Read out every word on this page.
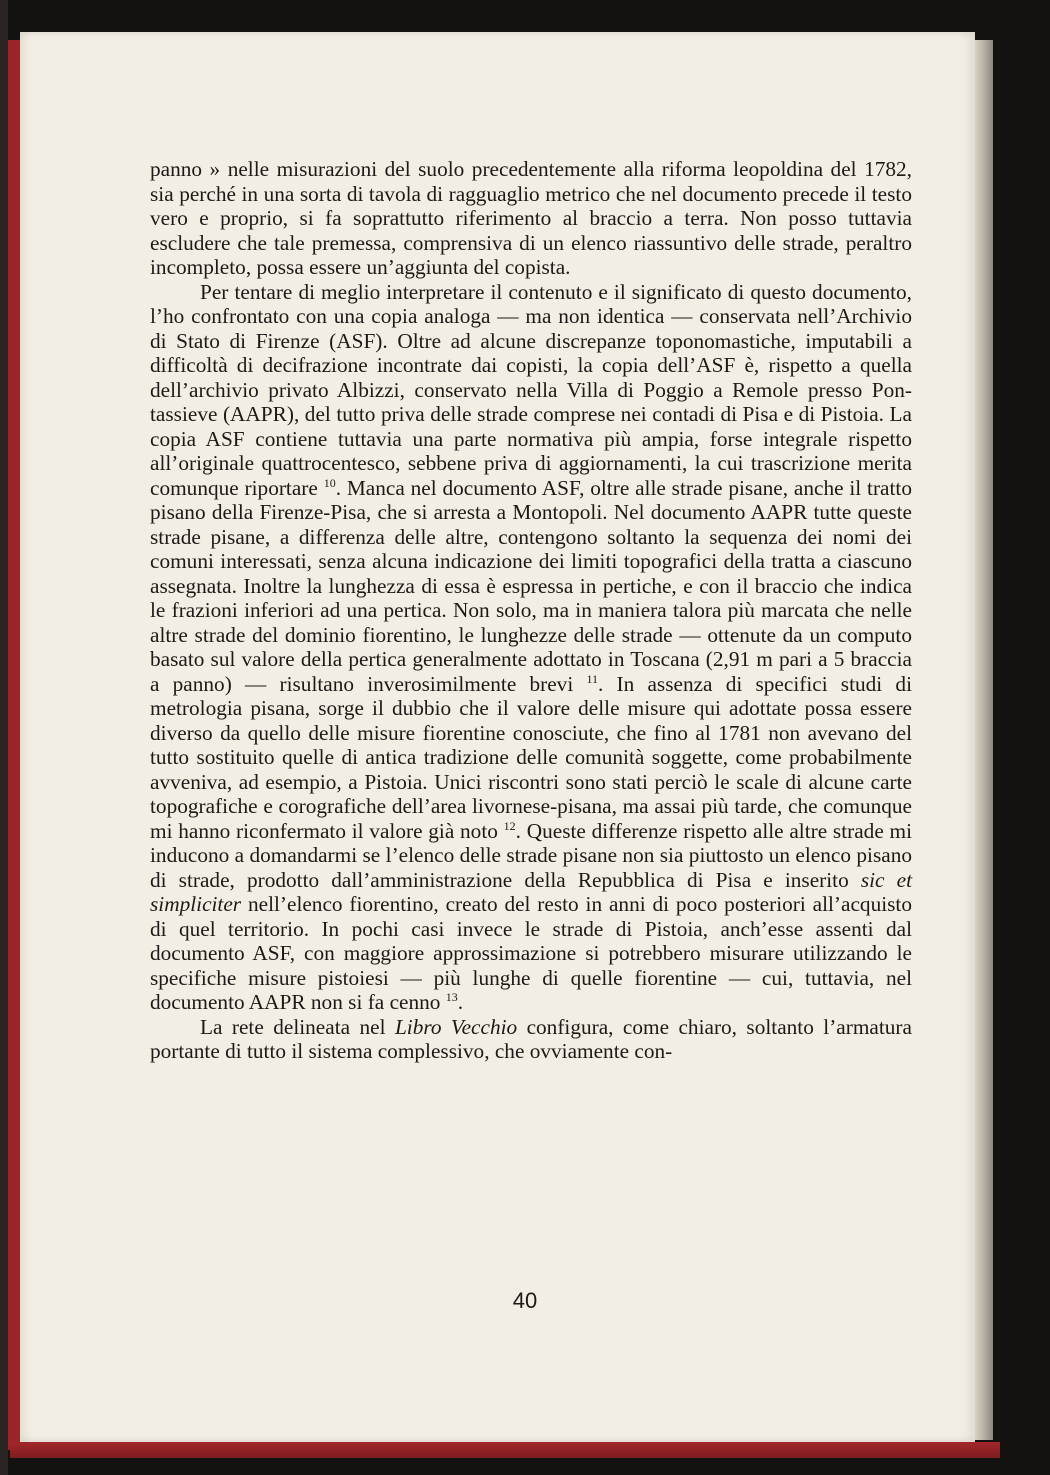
panno » nelle misurazioni del suolo precedentemente alla riforma leopoldina del 1782, sia perché in una sorta di tavola di ragguaglio metrico che nel documento precede il testo vero e proprio, si fa soprattutto riferimento al braccio a terra. Non posso tuttavia escludere che tale premessa, comprensiva di un elenco riassuntivo delle strade, peraltro incompleto, possa essere un’aggiunta del copista.

Per tentare di meglio interpretare il contenuto e il significato di questo documento, l’ho confrontato con una copia analoga — ma non identica — conservata nell’Archivio di Stato di Firenze (ASF). Oltre ad alcune discrepanze toponomastiche, imputabili a difficoltà di decifrazione incontrate dai copisti, la copia dell’ASF è, rispetto a quella dell’archivio privato Albizzi, conservato nella Villa di Poggio a Remole presso Pontassieve (AAPR), del tutto priva delle strade comprese nei contadi di Pisa e di Pistoia. La copia ASF contiene tuttavia una parte normativa più ampia, forse integrale rispetto all’originale quattrocentesco, sebbene priva di aggiornamenti, la cui trascrizione merita comunque riportare $^{10}$. Manca nel documento ASF, oltre alle strade pisane, anche il tratto pisano della Firenze-Pisa, che si arresta a Montopoli. Nel documento AAPR tutte queste strade pisane, a differenza delle altre, contengono soltanto la sequenza dei nomi dei comuni interessati, senza alcuna indicazione dei limiti topografici della tratta a ciascuno assegnata. Inoltre la lunghezza di essa è espressa in pertiche, e con il braccio che indica le frazioni inferiori ad una pertica. Non solo, ma in maniera talora più marcata che nelle altre strade del dominio fiorentino, le lunghezze delle strade — ottenute da un computo basato sul valore della pertica generalmente adottato in Toscana (2,91 m pari a 5 braccia a panno) — risultano inverosimilmente brevi $^{11}$. In assenza di specifici studi di metrologia pisana, sorge il dubbio che il valore delle misure qui adottate possa essere diverso da quello delle misure fiorentine conosciute, che fino al 1781 non avevano del tutto sostituito quelle di antica tradizione delle comunità soggette, come probabilmente avveniva, ad esempio, a Pistoia. Unici riscontri sono stati perciò le scale di alcune carte topografiche e corografiche dell’area livornese-pisana, ma assai più tarde, che comunque mi hanno riconfermato il valore già noto $^{12}$. Queste differenze rispetto alle altre strade mi inducono a domandarmi se l’elenco delle strade pisane non sia piuttosto un elenco pisano di strade, prodotto dall’amministrazione della Repubblica di Pisa e inserito sic et simpliciter nell’elenco fiorentino, creato del resto in anni di poco posteriori all’acquisto di quel territorio. In pochi casi invece le strade di Pistoia, anch’esse assenti dal documento ASF, con maggiore approssimazione si potrebbero misurare utilizzando le specifiche misure pistoiesi — più lunghe di quelle fiorentine — cui, tuttavia, nel documento AAPR non si fa cenno $^{13}$.

La rete delineata nel Libro Vecchio configura, come chiaro, soltanto l’armatura portante di tutto il sistema complessivo, che ovviamente con-

40
